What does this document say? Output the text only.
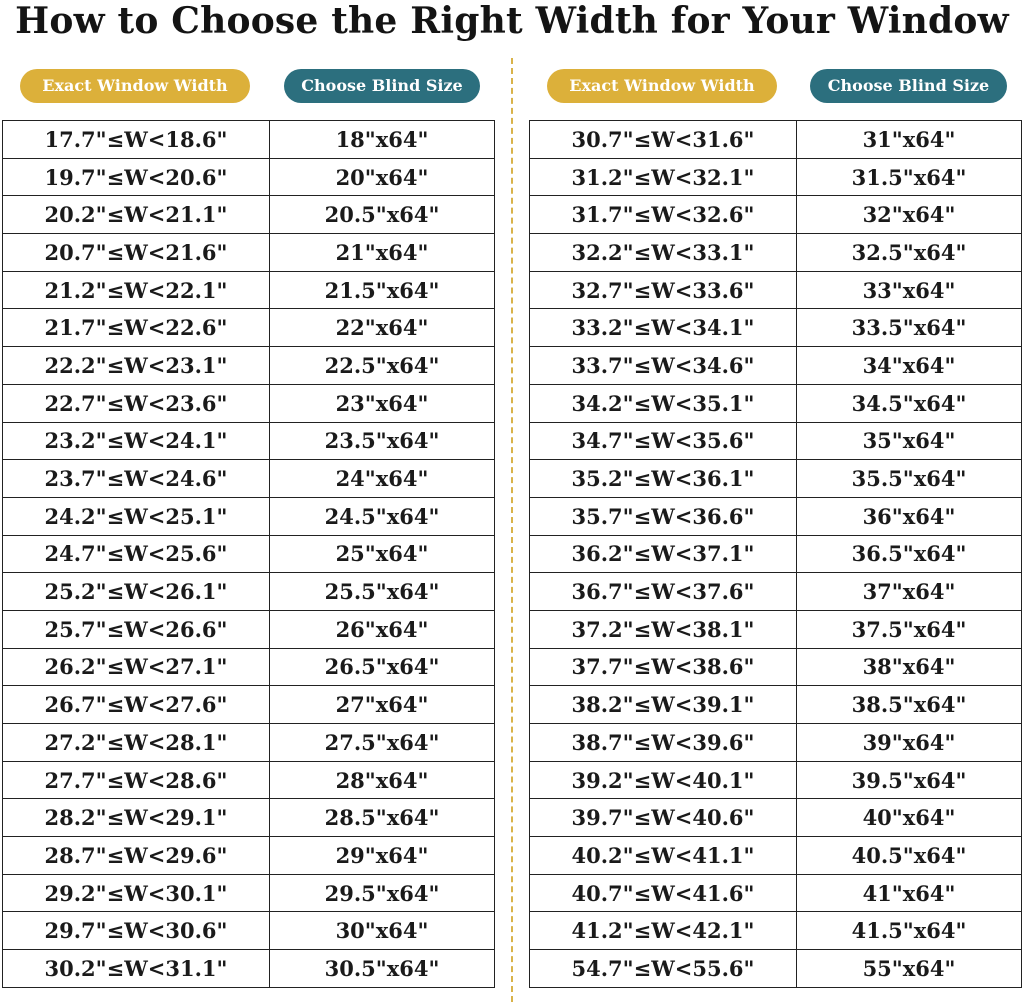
How to Choose the Right Width for Your Window
Exact Window Width	Choose Blind Size	Exact Window Width	Choose Blind Size
17.7"≤W<18.6"	18"x64"
19.7"≤W<20.6"	20"x64"
20.2"≤W<21.1"	20.5"x64"
20.7"≤W<21.6"	21"x64"
21.2"≤W<22.1"	21.5"x64"
21.7"≤W<22.6"	22"x64"
22.2"≤W<23.1"	22.5"x64"
22.7"≤W<23.6"	23"x64"
23.2"≤W<24.1"	23.5"x64"
23.7"≤W<24.6"	24"x64"
24.2"≤W<25.1"	24.5"x64"
24.7"≤W<25.6"	25"x64"
25.2"≤W<26.1"	25.5"x64"
25.7"≤W<26.6"	26"x64"
26.2"≤W<27.1"	26.5"x64"
26.7"≤W<27.6"	27"x64"
27.2"≤W<28.1"	27.5"x64"
27.7"≤W<28.6"	28"x64"
28.2"≤W<29.1"	28.5"x64"
28.7"≤W<29.6"	29"x64"
29.2"≤W<30.1"	29.5"x64"
29.7"≤W<30.6"	30"x64"
30.2"≤W<31.1"	30.5"x64"
30.7"≤W<31.6"	31"x64"
31.2"≤W<32.1"	31.5"x64"
31.7"≤W<32.6"	32"x64"
32.2"≤W<33.1"	32.5"x64"
32.7"≤W<33.6"	33"x64"
33.2"≤W<34.1"	33.5"x64"
33.7"≤W<34.6"	34"x64"
34.2"≤W<35.1"	34.5"x64"
34.7"≤W<35.6"	35"x64"
35.2"≤W<36.1"	35.5"x64"
35.7"≤W<36.6"	36"x64"
36.2"≤W<37.1"	36.5"x64"
36.7"≤W<37.6"	37"x64"
37.2"≤W<38.1"	37.5"x64"
37.7"≤W<38.6"	38"x64"
38.2"≤W<39.1"	38.5"x64"
38.7"≤W<39.6"	39"x64"
39.2"≤W<40.1"	39.5"x64"
39.7"≤W<40.6"	40"x64"
40.2"≤W<41.1"	40.5"x64"
40.7"≤W<41.6"	41"x64"
41.2"≤W<42.1"	41.5"x64"
54.7"≤W<55.6"	55"x64"
